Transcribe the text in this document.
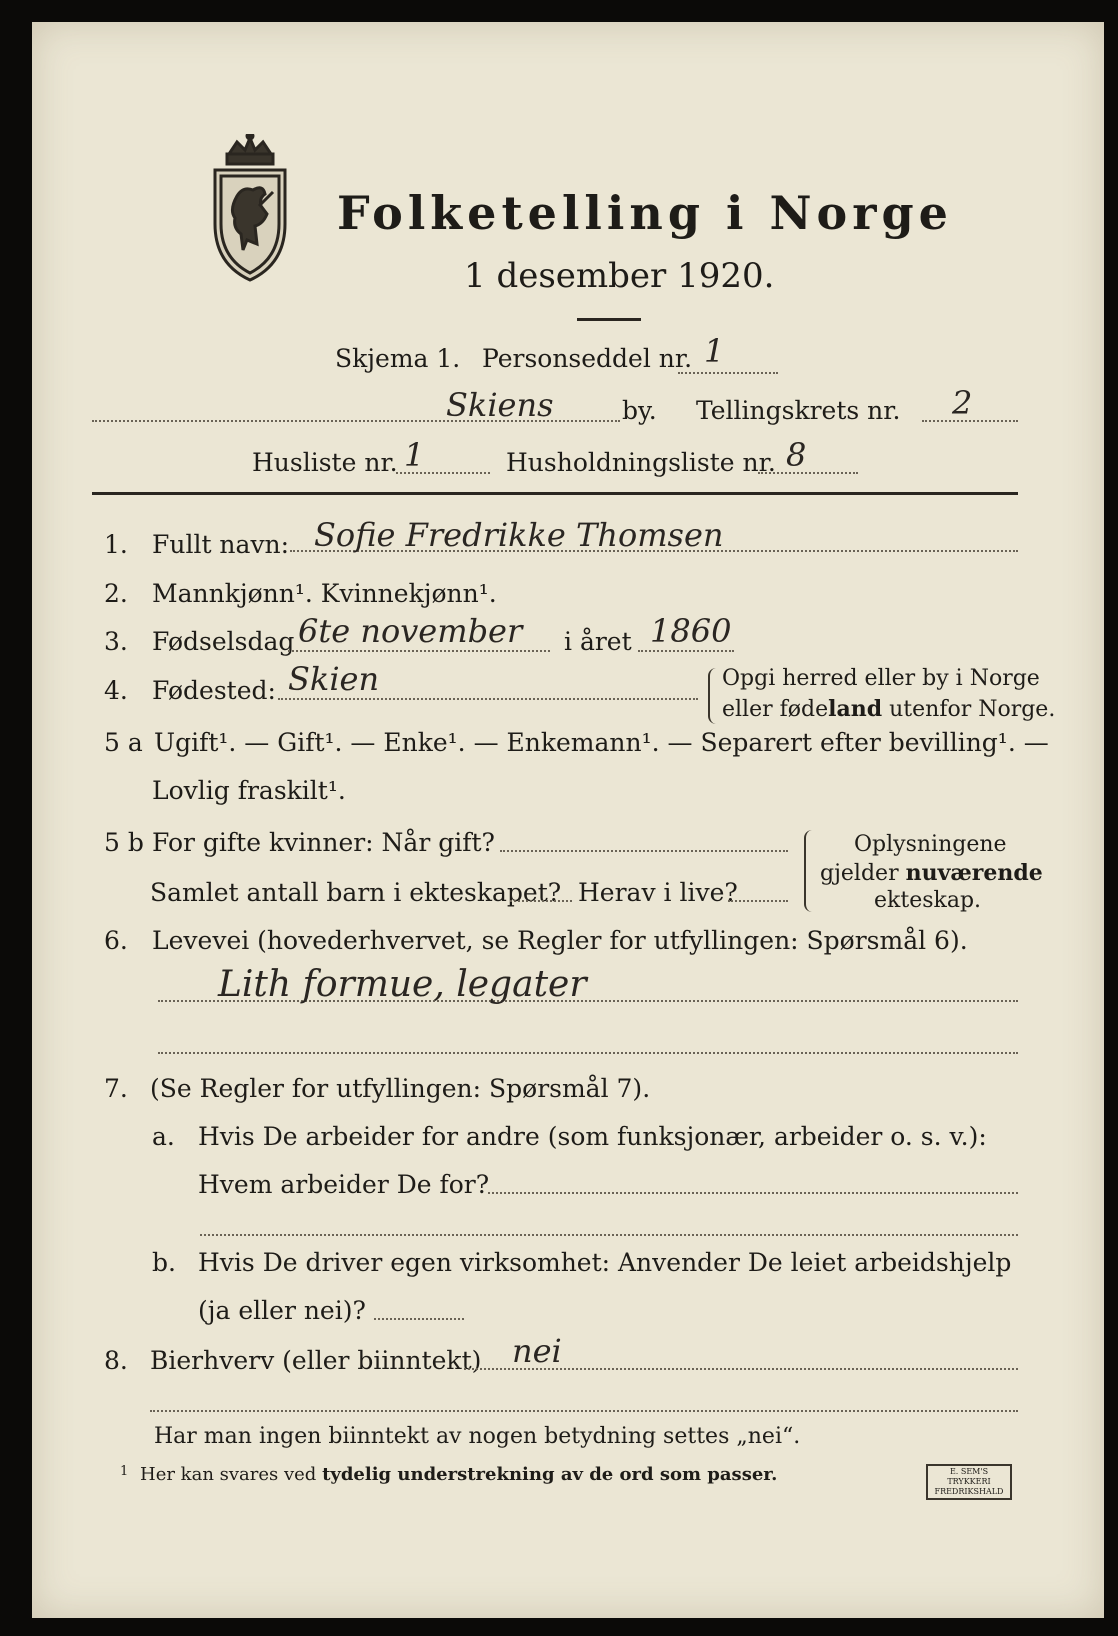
Folketelling i Norge
1 desember 1920.
Skjema 1. Personseddel nr. 1
Skiens	by. Tellingskrets nr. 2
Husliste nr. 1	Husholdningsliste nr. 8
1. Fullt navn: Sofie Fredrikke Thomsen
2. Mannkjønn¹. Kvinnekjønn¹.
3. Fødselsdag 6te november i året 1860
4. Fødested: Skien	Opgi herred eller by i Norge
eller fødeland utenfor Norge.
5 a Ugift¹. — Gift¹. — Enke¹. — Enkemann¹. — Separert efter bevilling¹. —
Lovlig fraskilt¹.
5 b For gifte kvinner: Når gift?
Samlet antall barn i ekteskapet? Herav i live?
Oplysningene
gjelder nuværende
ekteskap.
6. Levevei (hovederhvervet, se Regler for utfyllingen: Spørsmål 6).
Lith formue, legater
7. (Se Regler for utfyllingen: Spørsmål 7).
a. Hvis De arbeider for andre (som funksjonær, arbeider o. s. v.):
Hvem arbeider De for?
b. Hvis De driver egen virksomhet: Anvender De leiet arbeidshjelp
(ja eller nei)?
8. Bierhverv (eller biinntekt) nei
Har man ingen biinntekt av nogen betydning settes „nei“.
1 Her kan svares ved tydelig understrekning av de ord som passer.	E. SEM'S TRYKKERI FREDRIKSHALD
